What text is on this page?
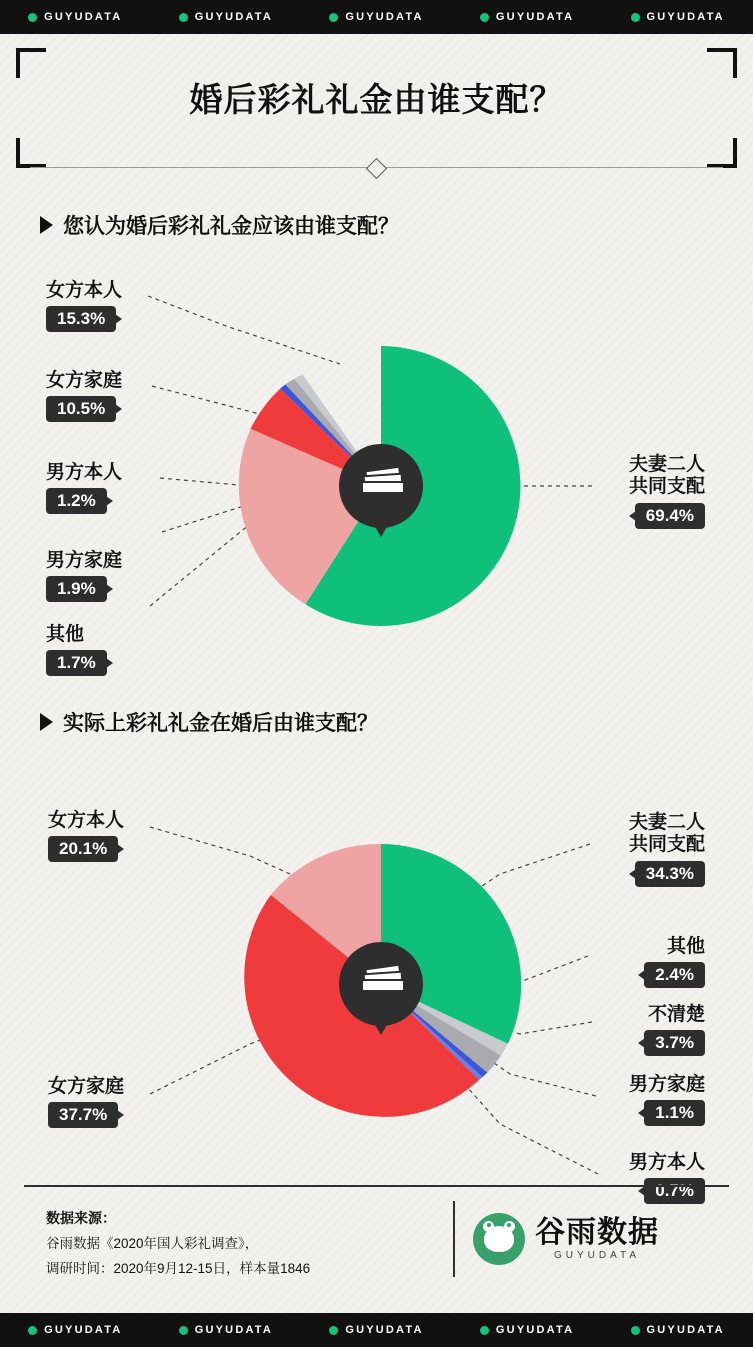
GUYUDATA	GUYUDATA	GUYUDATA	GUYUDATA	GUYUDATA
婚后彩礼礼金由谁支配？
您认为婚后彩礼礼金应该由谁支配？
女方本人
15.3%
女方家庭
10.5%
男方本人
1.2%
男方家庭
1.9%
其他
1.7%
夫妻二人
共同支配
69.4%
实际上彩礼礼金在婚后由谁支配？
女方本人
20.1%
女方家庭
37.7%
夫妻二人
共同支配
34.3%
其他
2.4%
不清楚
3.7%
男方家庭
1.1%
男方本人
0.7%
数据来源：
谷雨数据《2020年国人彩礼调查》，
调研时间：2020年9月12-15日，样本量1846
谷雨数据
GUYUDATA
GUYUDATA	GUYUDATA	GUYUDATA	GUYUDATA	GUYUDATA
